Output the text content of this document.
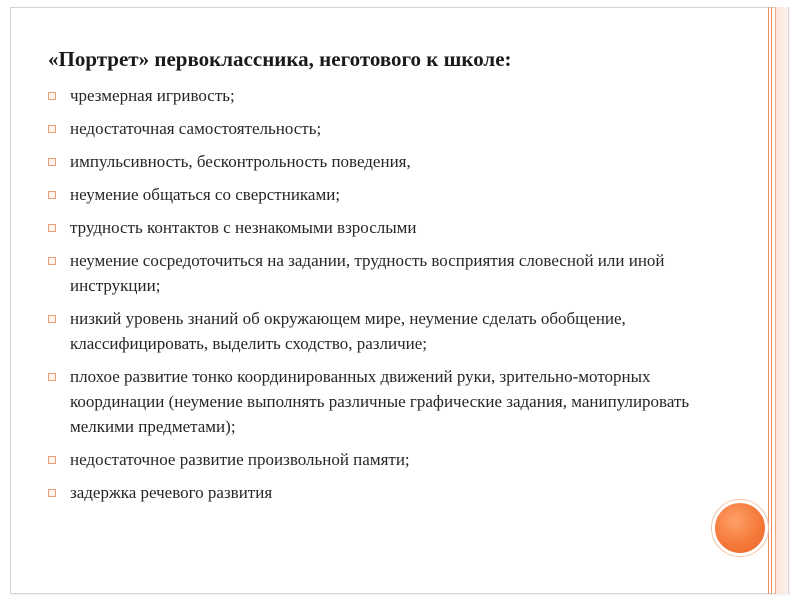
«Портрет» первоклассника, неготового к школе:
чрезмерная игривость;
недостаточная самостоятельность;
импульсивность, бесконтрольность поведения,
неумение общаться со сверстниками;
трудность контактов с незнакомыми взрослыми
неумение сосредоточиться на задании, трудность восприятия словесной или иной инструкции;
низкий уровень знаний об окружающем мире, неумение сделать обобщение, классифицировать, выделить сходство, различие;
плохое развитие тонко координированных движений руки, зрительно-моторных координации (неумение выполнять различные графические задания, манипулировать мелкими предметами);
недостаточное развитие произвольной памяти;
задержка речевого развития
